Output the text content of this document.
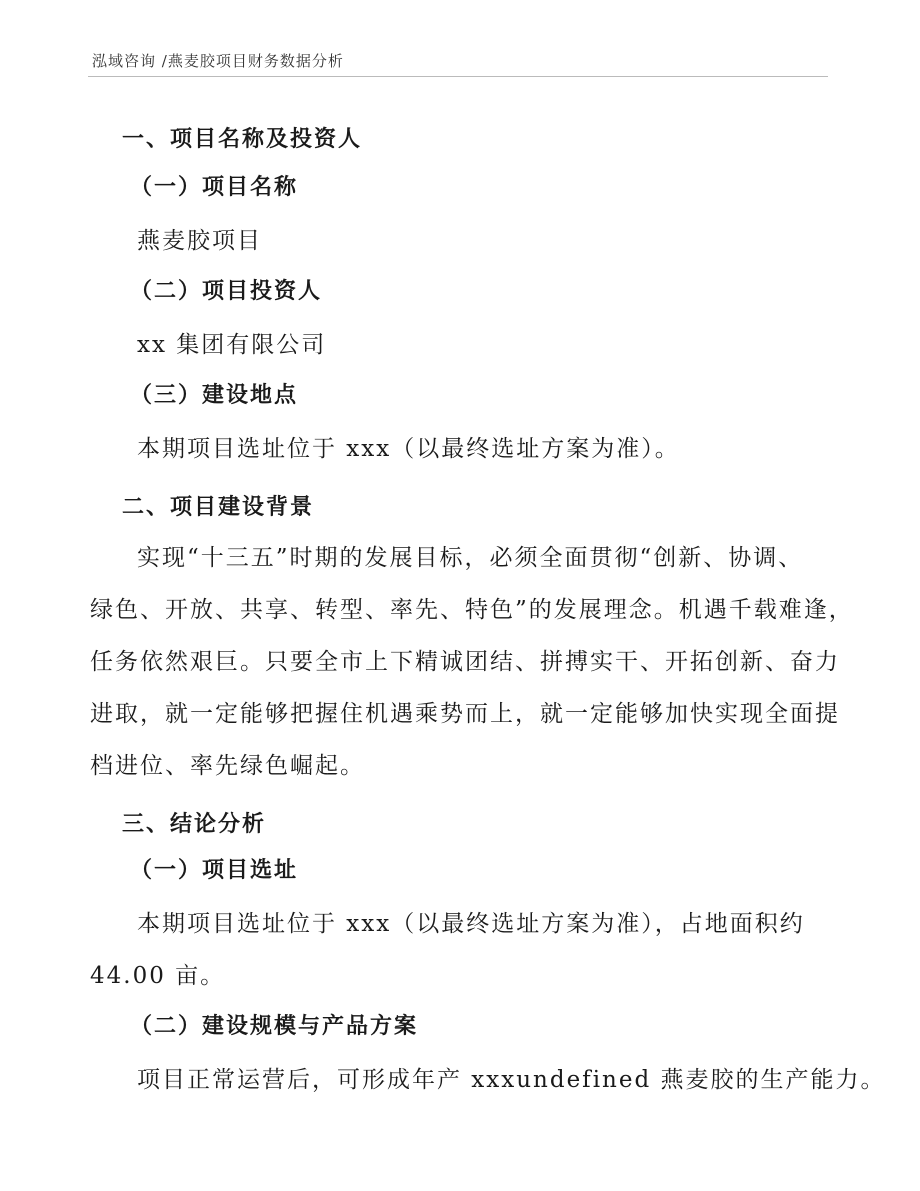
泓域咨询 /燕麦胶项目财务数据分析
一、项目名称及投资人
（一）项目名称
燕麦胶项目
（二）项目投资人
xx 集团有限公司
（三）建设地点
本期项目选址位于 xxx（以最终选址方案为准）。
二、项目建设背景
实现“十三五”时期的发展目标，必须全面贯彻“创新、协调、
绿色、开放、共享、转型、率先、特色”的发展理念。机遇千载难逢，
任务依然艰巨。只要全市上下精诚团结、拼搏实干、开拓创新、奋力
进取，就一定能够把握住机遇乘势而上，就一定能够加快实现全面提
档进位、率先绿色崛起。
三、结论分析
（一）项目选址
本期项目选址位于 xxx（以最终选址方案为准），占地面积约
44.00 亩。
（二）建设规模与产品方案
项目正常运营后，可形成年产 xxxundefined 燕麦胶的生产能力。
